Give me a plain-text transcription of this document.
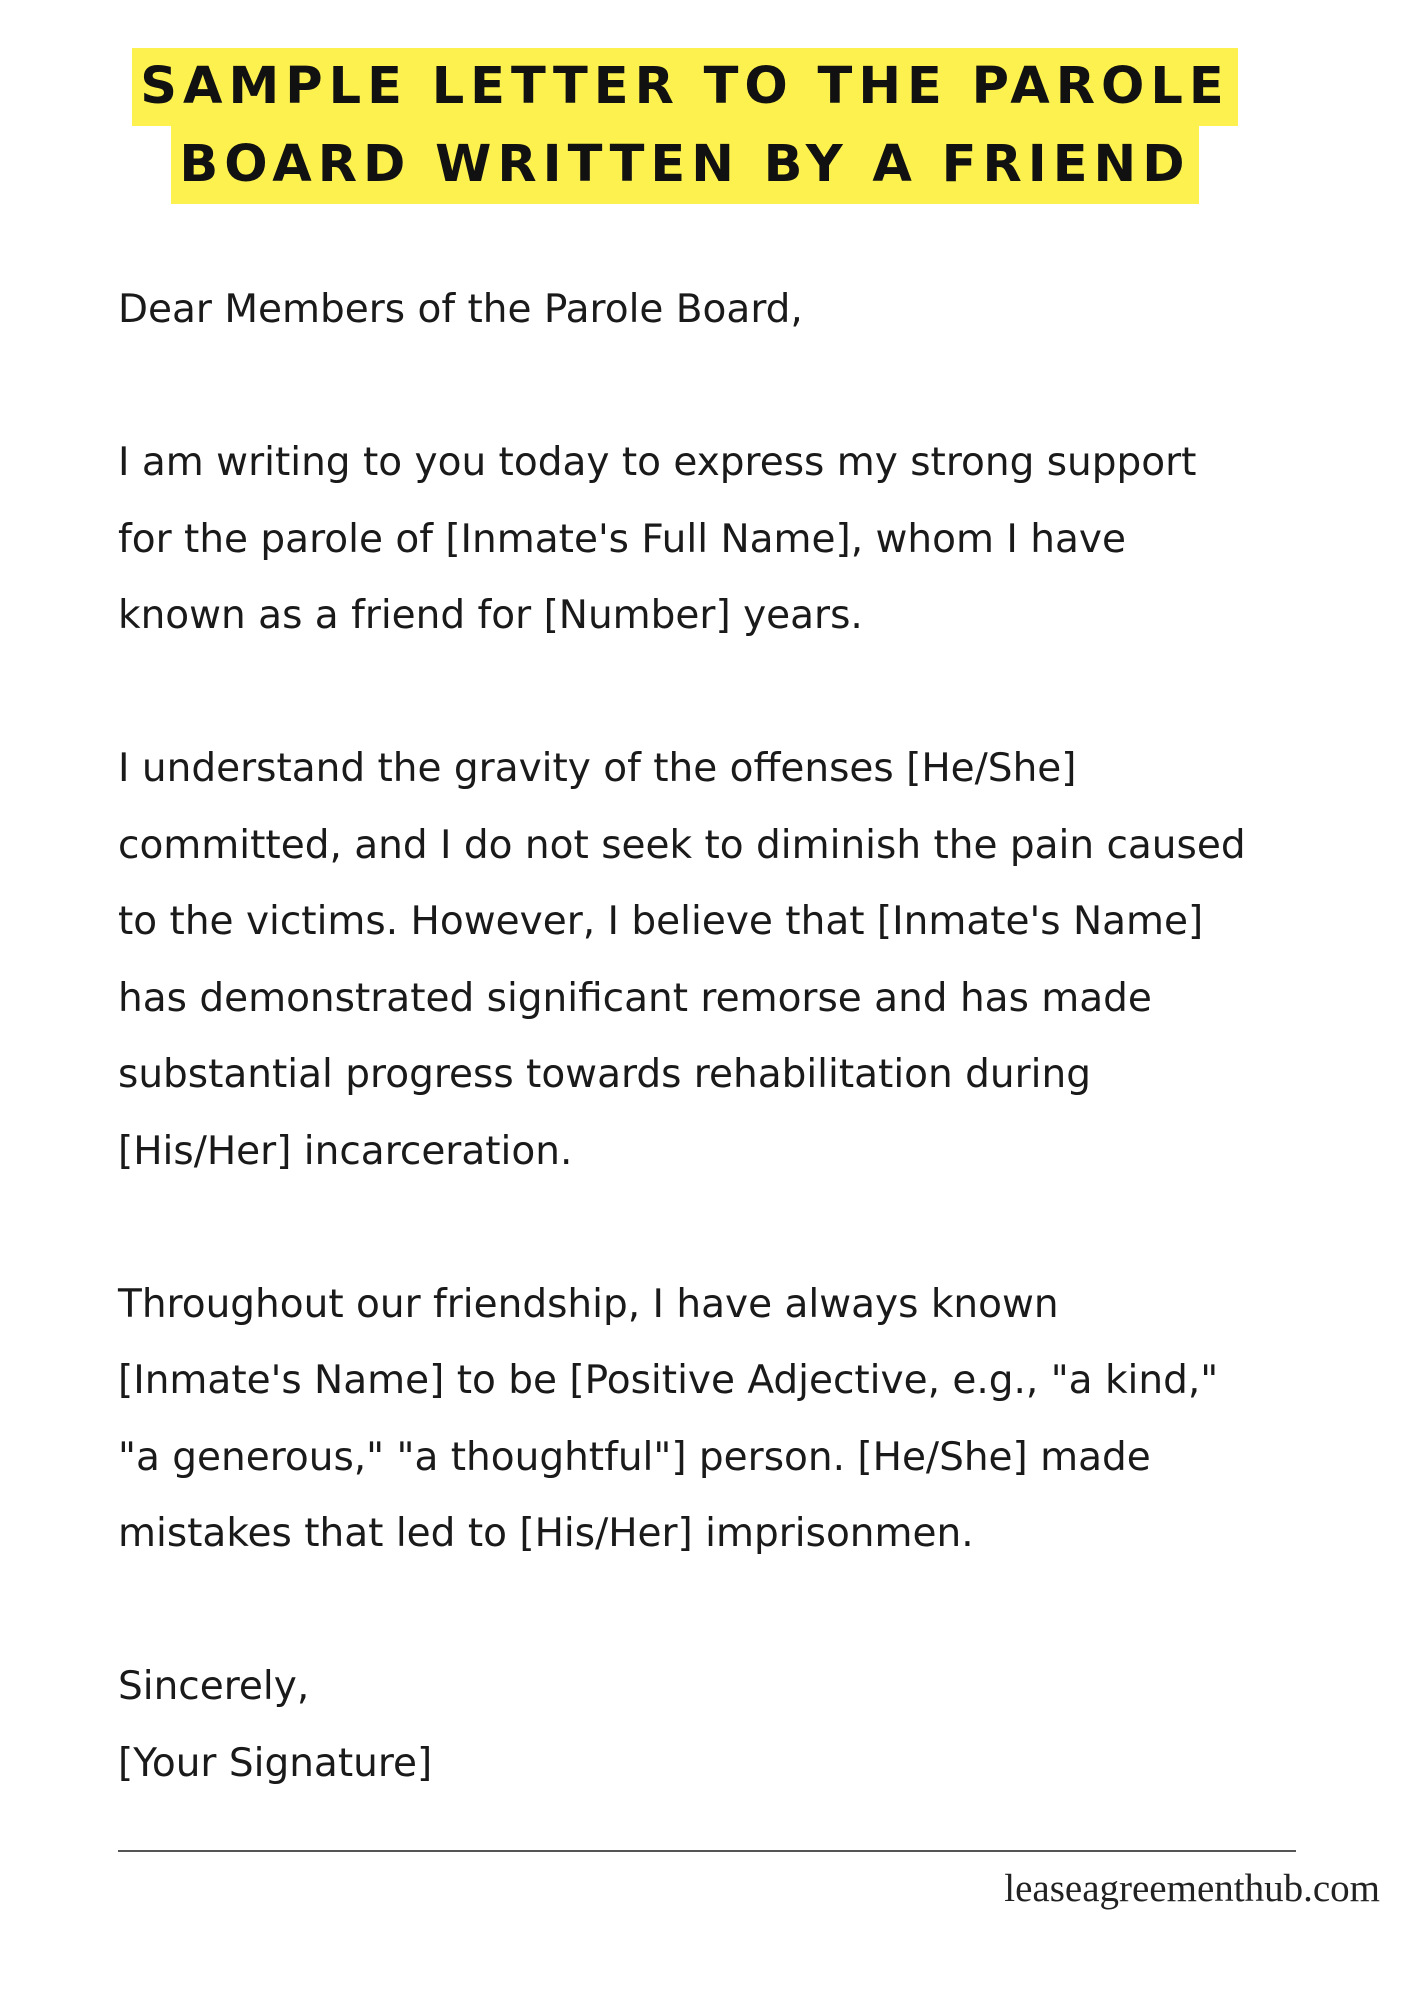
SAMPLE LETTER TO THE PAROLE
BOARD WRITTEN BY A FRIEND

Dear Members of the Parole Board,

I am writing to you today to express my strong support
for the parole of [Inmate's Full Name], whom I have
known as a friend for [Number] years.

I understand the gravity of the offenses [He/She]
committed, and I do not seek to diminish the pain caused
to the victims. However, I believe that [Inmate's Name]
has demonstrated significant remorse and has made
substantial progress towards rehabilitation during
[His/Her] incarceration.

Throughout our friendship, I have always known
[Inmate's Name] to be [Positive Adjective, e.g., "a kind,"
"a generous," "a thoughtful"] person. [He/She] made
mistakes that led to [His/Her] imprisonmen.

Sincerely,
[Your Signature]

leaseagreementhub.com
